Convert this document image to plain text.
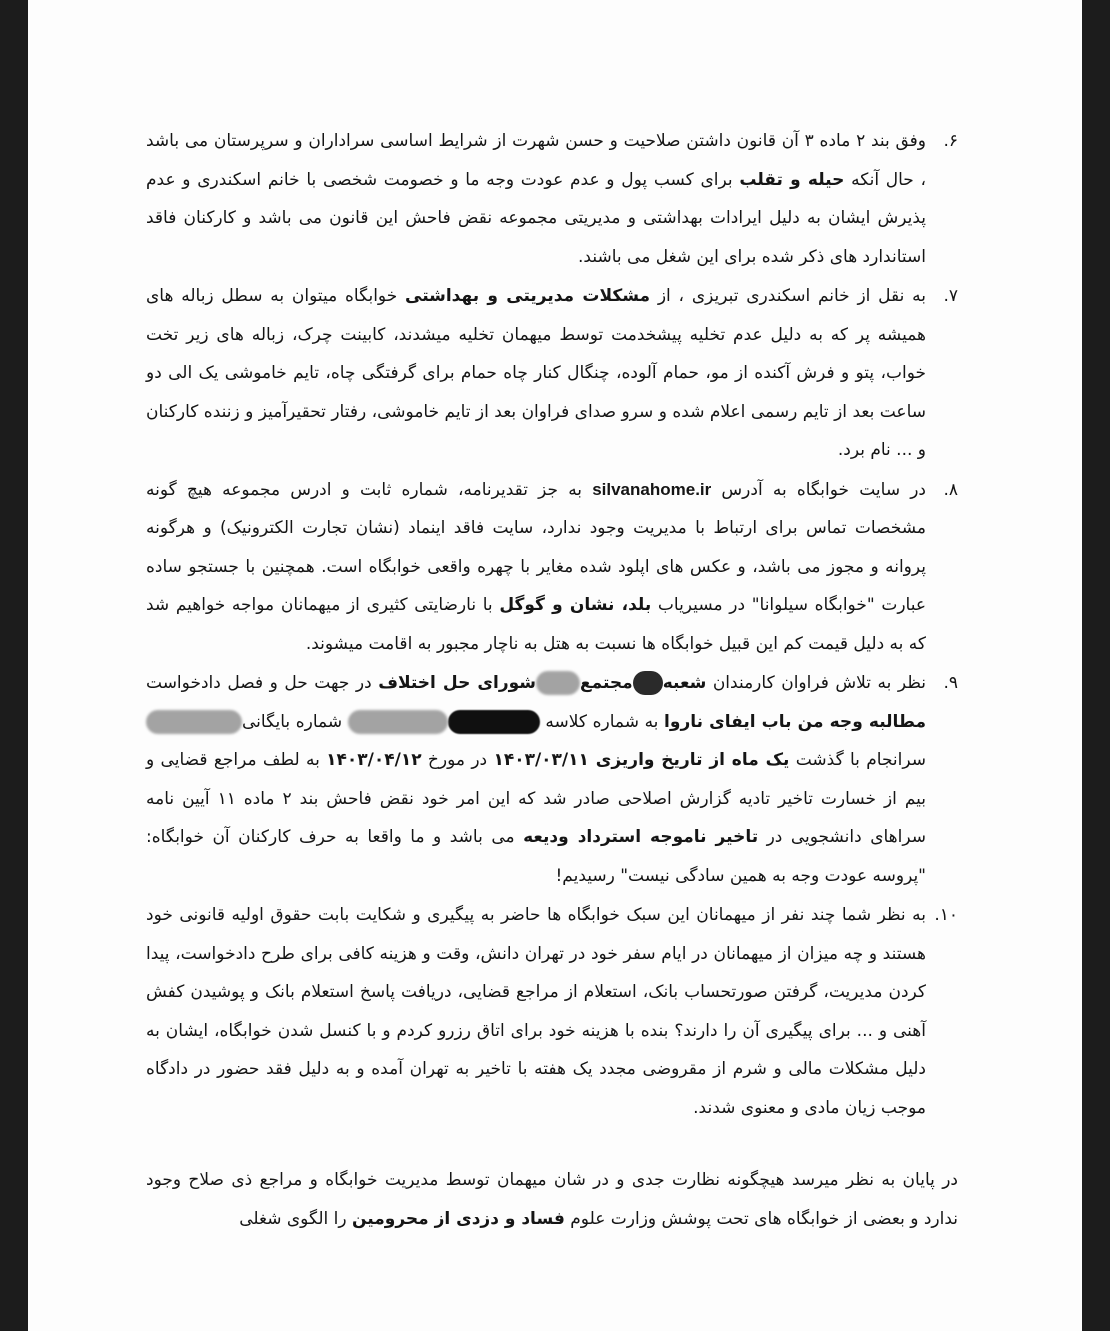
۶.
وفق بند ۲ ماده ۳ آن قانون داشتن صلاحیت و حسن شهرت از شرایط اساسی سراداران و سرپرستان می باشد ، حال آنکه حیله و تقلب برای کسب پول و عدم عودت وجه ما و خصومت شخصی با خانم اسکندری و عدم پذیرش ایشان به دلیل ایرادات بهداشتی و مدیریتی مجموعه نقض فاحش این قانون می باشد و کارکنان فاقد استاندارد های ذکر شده برای این شغل می باشند.
۷.
به نقل از خانم اسکندری تبریزی ، از مشکلات مدیریتی و بهداشتی خوابگاه میتوان به سطل زباله های همیشه پر که به دلیل عدم تخلیه پیشخدمت توسط میهمان تخلیه میشدند، کابینت چرک، زباله های زیر تخت خواب، پتو و فرش آکنده از مو، حمام آلوده، چنگال کنار چاه حمام برای گرفتگی چاه، تایم خاموشی یک الی دو ساعت بعد از تایم رسمی اعلام شده و سرو صدای فراوان بعد از تایم خاموشی، رفتار تحقیرآمیز و زننده کارکنان و ... نام برد.
۸.
در سایت خوابگاه به آدرس silvanahome.ir به جز تقدیرنامه، شماره ثابت و ادرس مجموعه هیچ گونه مشخصات تماس برای ارتباط با مدیریت وجود ندارد، سایت فاقد اینماد (نشان تجارت الکترونیک) و هرگونه پروانه و مجوز می باشد، و عکس های اپلود شده مغایر با چهره واقعی خوابگاه است. همچنین با جستجو ساده عبارت "خوابگاه سیلوانا" در مسیریاب بلد، نشان و گوگل با نارضایتی کثیری از میهمانان مواجه خواهیم شد که به دلیل قیمت کم این قبیل خوابگاه ها نسبت به هتل به ناچار مجبور به اقامت میشوند.
۹.
نظر به تلاش فراوان کارمندان شعبهمجتمعشورای حل اختلاف در جهت حل و فصل دادخواست مطالبه وجه من باب ایفای ناروا به شماره کلاسه  شماره بایگانیسرانجام با گذشت یک ماه از تاریخ واریزی ۱۴۰۳/۰۳/۱۱ در مورخ ۱۴۰۳/۰۴/۱۲ به لطف مراجع قضایی و بیم از خسارت تاخیر تادیه گزارش اصلاحی صادر شد که این امر خود نقض فاحش بند ۲ ماده ۱۱ آیین نامه سراهای دانشجویی در تاخیر ناموجه استرداد ودیعه می باشد و ما واقعا به حرف کارکنان آن خوابگاه: "پروسه عودت وجه به همین سادگی نیست" رسیدیم!
۱۰.
به نظر شما چند نفر از میهمانان این سبک خوابگاه ها حاضر به پیگیری و شکایت بابت حقوق اولیه قانونی خود هستند و چه میزان از میهمانان در ایام سفر خود در تهران دانش، وقت و هزینه کافی برای طرح دادخواست، پیدا کردن مدیریت، گرفتن صورتحساب بانک، استعلام از مراجع قضایی، دریافت پاسخ استعلام بانک و پوشیدن کفش آهنی و ... برای پیگیری آن را دارند؟ بنده با هزینه خود برای اتاق رزرو کردم و با کنسل شدن خوابگاه، ایشان به دلیل مشکلات مالی و شرم از مقروضی مجدد یک هفته با تاخیر به تهران آمده و به دلیل فقد حضور در دادگاه موجب زیان مادی و معنوی شدند.
در پایان به نظر میرسد هیچگونه نظارت جدی و در شان میهمان توسط مدیریت خوابگاه و مراجع ذی صلاح وجود ندارد و بعضی از خوابگاه های تحت پوشش وزارت علوم فساد و دزدی از محرومین را الگوی شغلی
